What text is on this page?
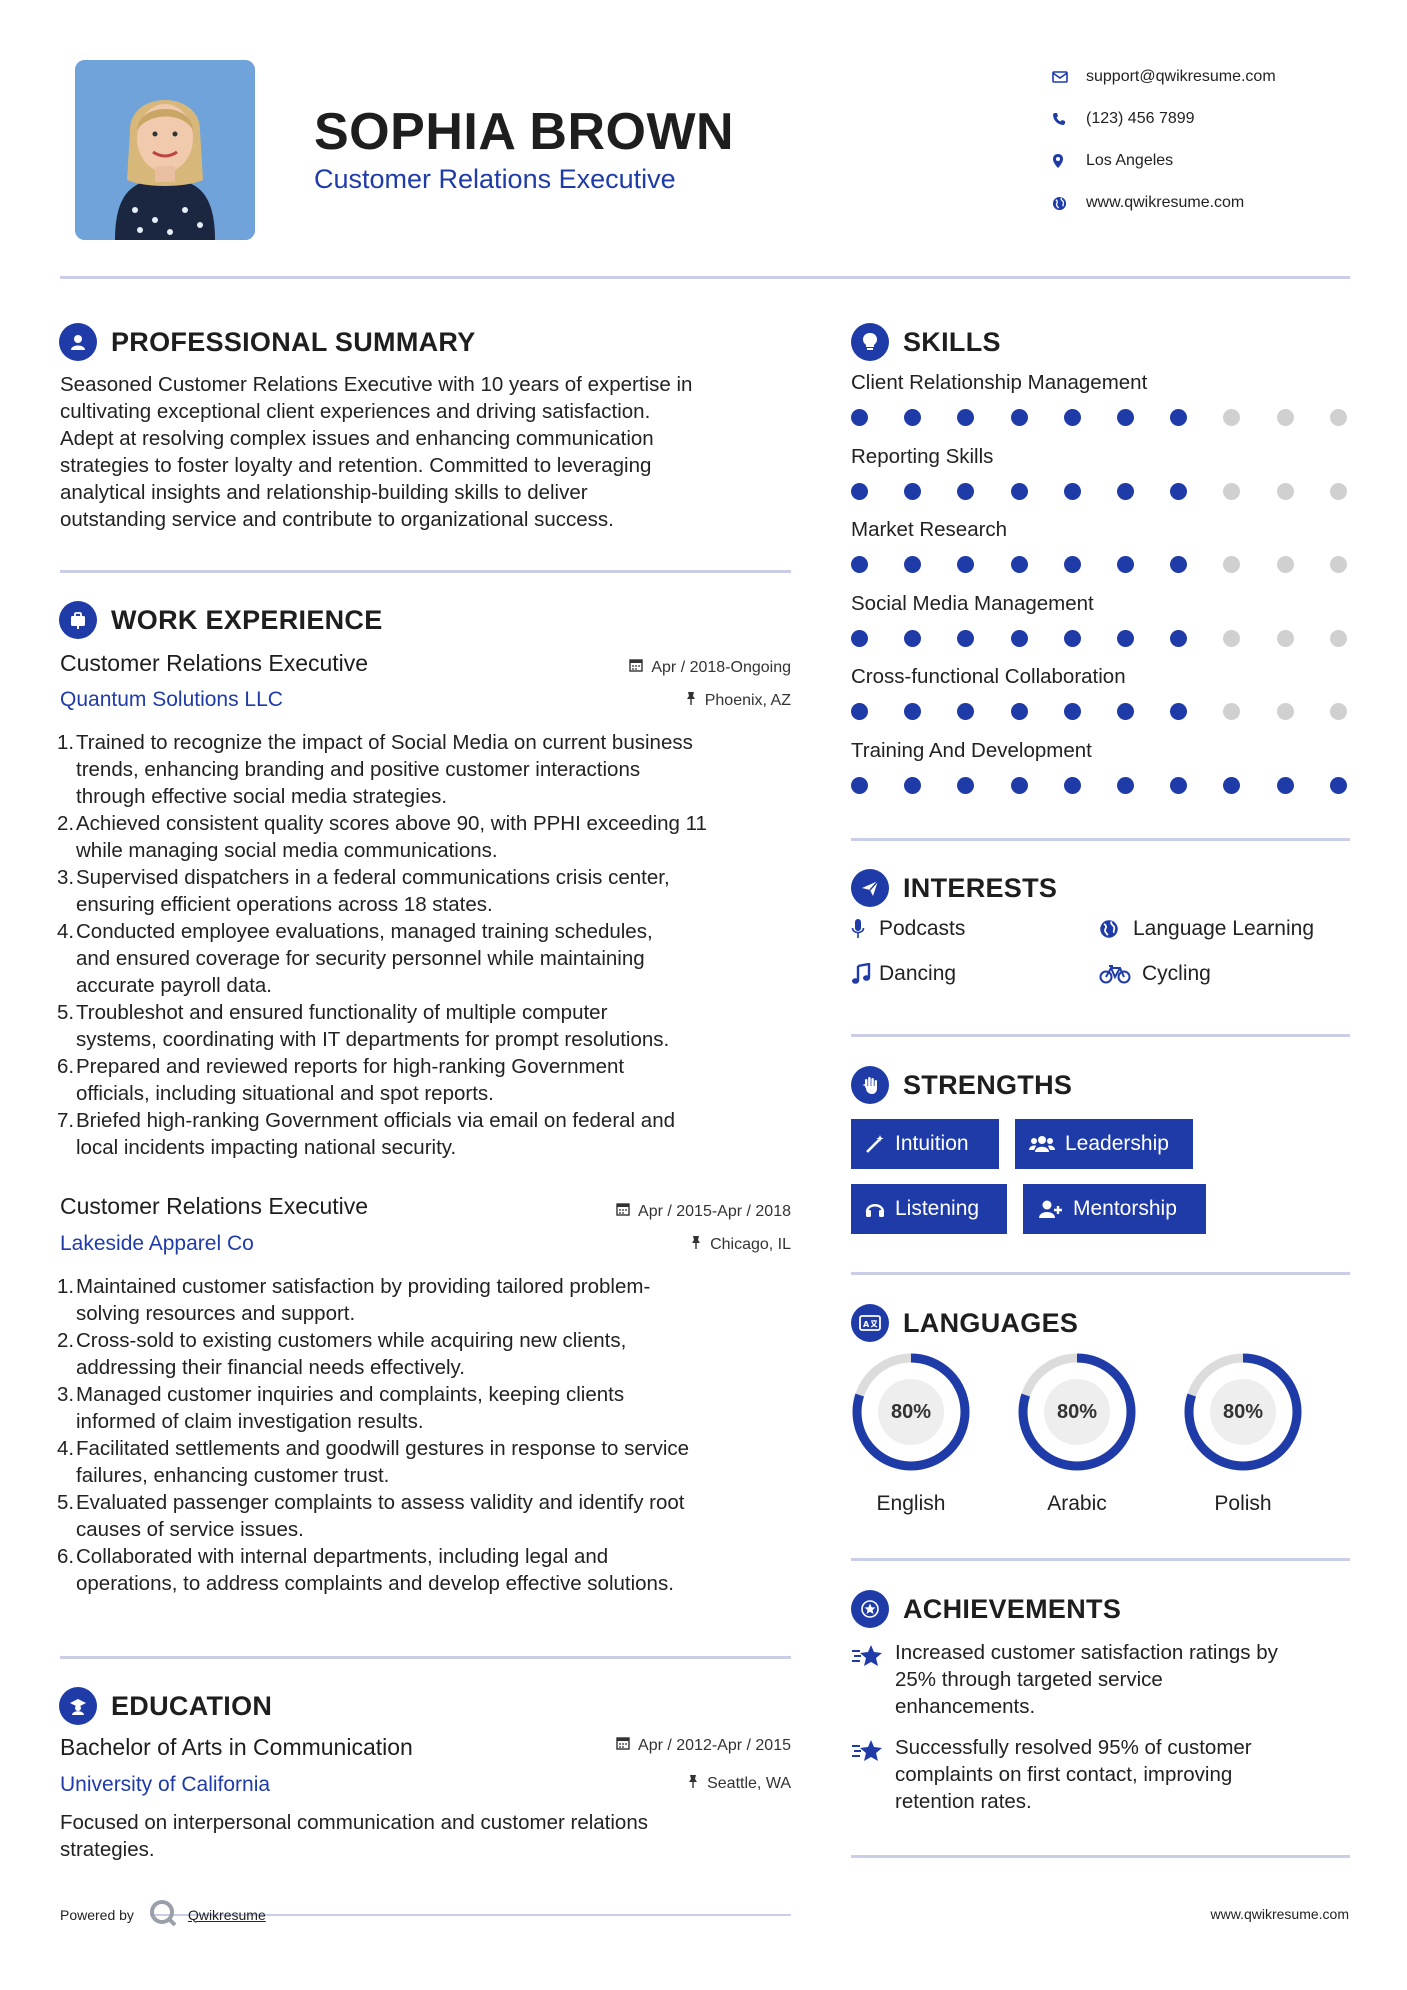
SOPHIA BROWN
Customer Relations Executive
support@qwikresume.com
(123) 456 7899
Los Angeles
www.qwikresume.com
PROFESSIONAL SUMMARY
Seasoned Customer Relations Executive with 10 years of expertise in
cultivating exceptional client experiences and driving satisfaction.
Adept at resolving complex issues and enhancing communication
strategies to foster loyalty and retention. Committed to leveraging
analytical insights and relationship-building skills to deliver
outstanding service and contribute to organizational success.
WORK EXPERIENCE
Customer Relations Executive
Quantum Solutions LLC
Apr / 2018-Ongoing
Phoenix, AZ
1. Trained to recognize the impact of Social Media on current business
trends, enhancing branding and positive customer interactions
through effective social media strategies.
2. Achieved consistent quality scores above 90, with PPHI exceeding 11
while managing social media communications.
3. Supervised dispatchers in a federal communications crisis center,
ensuring efficient operations across 18 states.
4. Conducted employee evaluations, managed training schedules,
and ensured coverage for security personnel while maintaining
accurate payroll data.
5. Troubleshot and ensured functionality of multiple computer
systems, coordinating with IT departments for prompt resolutions.
6. Prepared and reviewed reports for high-ranking Government
officials, including situational and spot reports.
7. Briefed high-ranking Government officials via email on federal and
local incidents impacting national security.
Customer Relations Executive
Lakeside Apparel Co
Apr / 2015-Apr / 2018
Chicago, IL
1. Maintained customer satisfaction by providing tailored problem-
solving resources and support.
2. Cross-sold to existing customers while acquiring new clients,
addressing their financial needs effectively.
3. Managed customer inquiries and complaints, keeping clients
informed of claim investigation results.
4. Facilitated settlements and goodwill gestures in response to service
failures, enhancing customer trust.
5. Evaluated passenger complaints to assess validity and identify root
causes of service issues.
6. Collaborated with internal departments, including legal and
operations, to address complaints and develop effective solutions.
EDUCATION
Bachelor of Arts in Communication
University of California
Apr / 2012-Apr / 2015
Seattle, WA
Focused on interpersonal communication and customer relations
strategies.
SKILLS
Client Relationship Management
Reporting Skills
Market Research
Social Media Management
Cross-functional Collaboration
Training And Development
INTERESTS
Podcasts	Language Learning
Dancing	Cycling
STRENGTHS
Intuition	Leadership
Listening	Mentorship
A LANGUAGES
80%
English
80%
Arabic
80%
Polish
ACHIEVEMENTS
Increased customer satisfaction ratings by
25% through targeted service
enhancements.
Successfully resolved 95% of customer
complaints on first contact, improving
retention rates.
Powered by	Qwikresume	www.qwikresume.com
